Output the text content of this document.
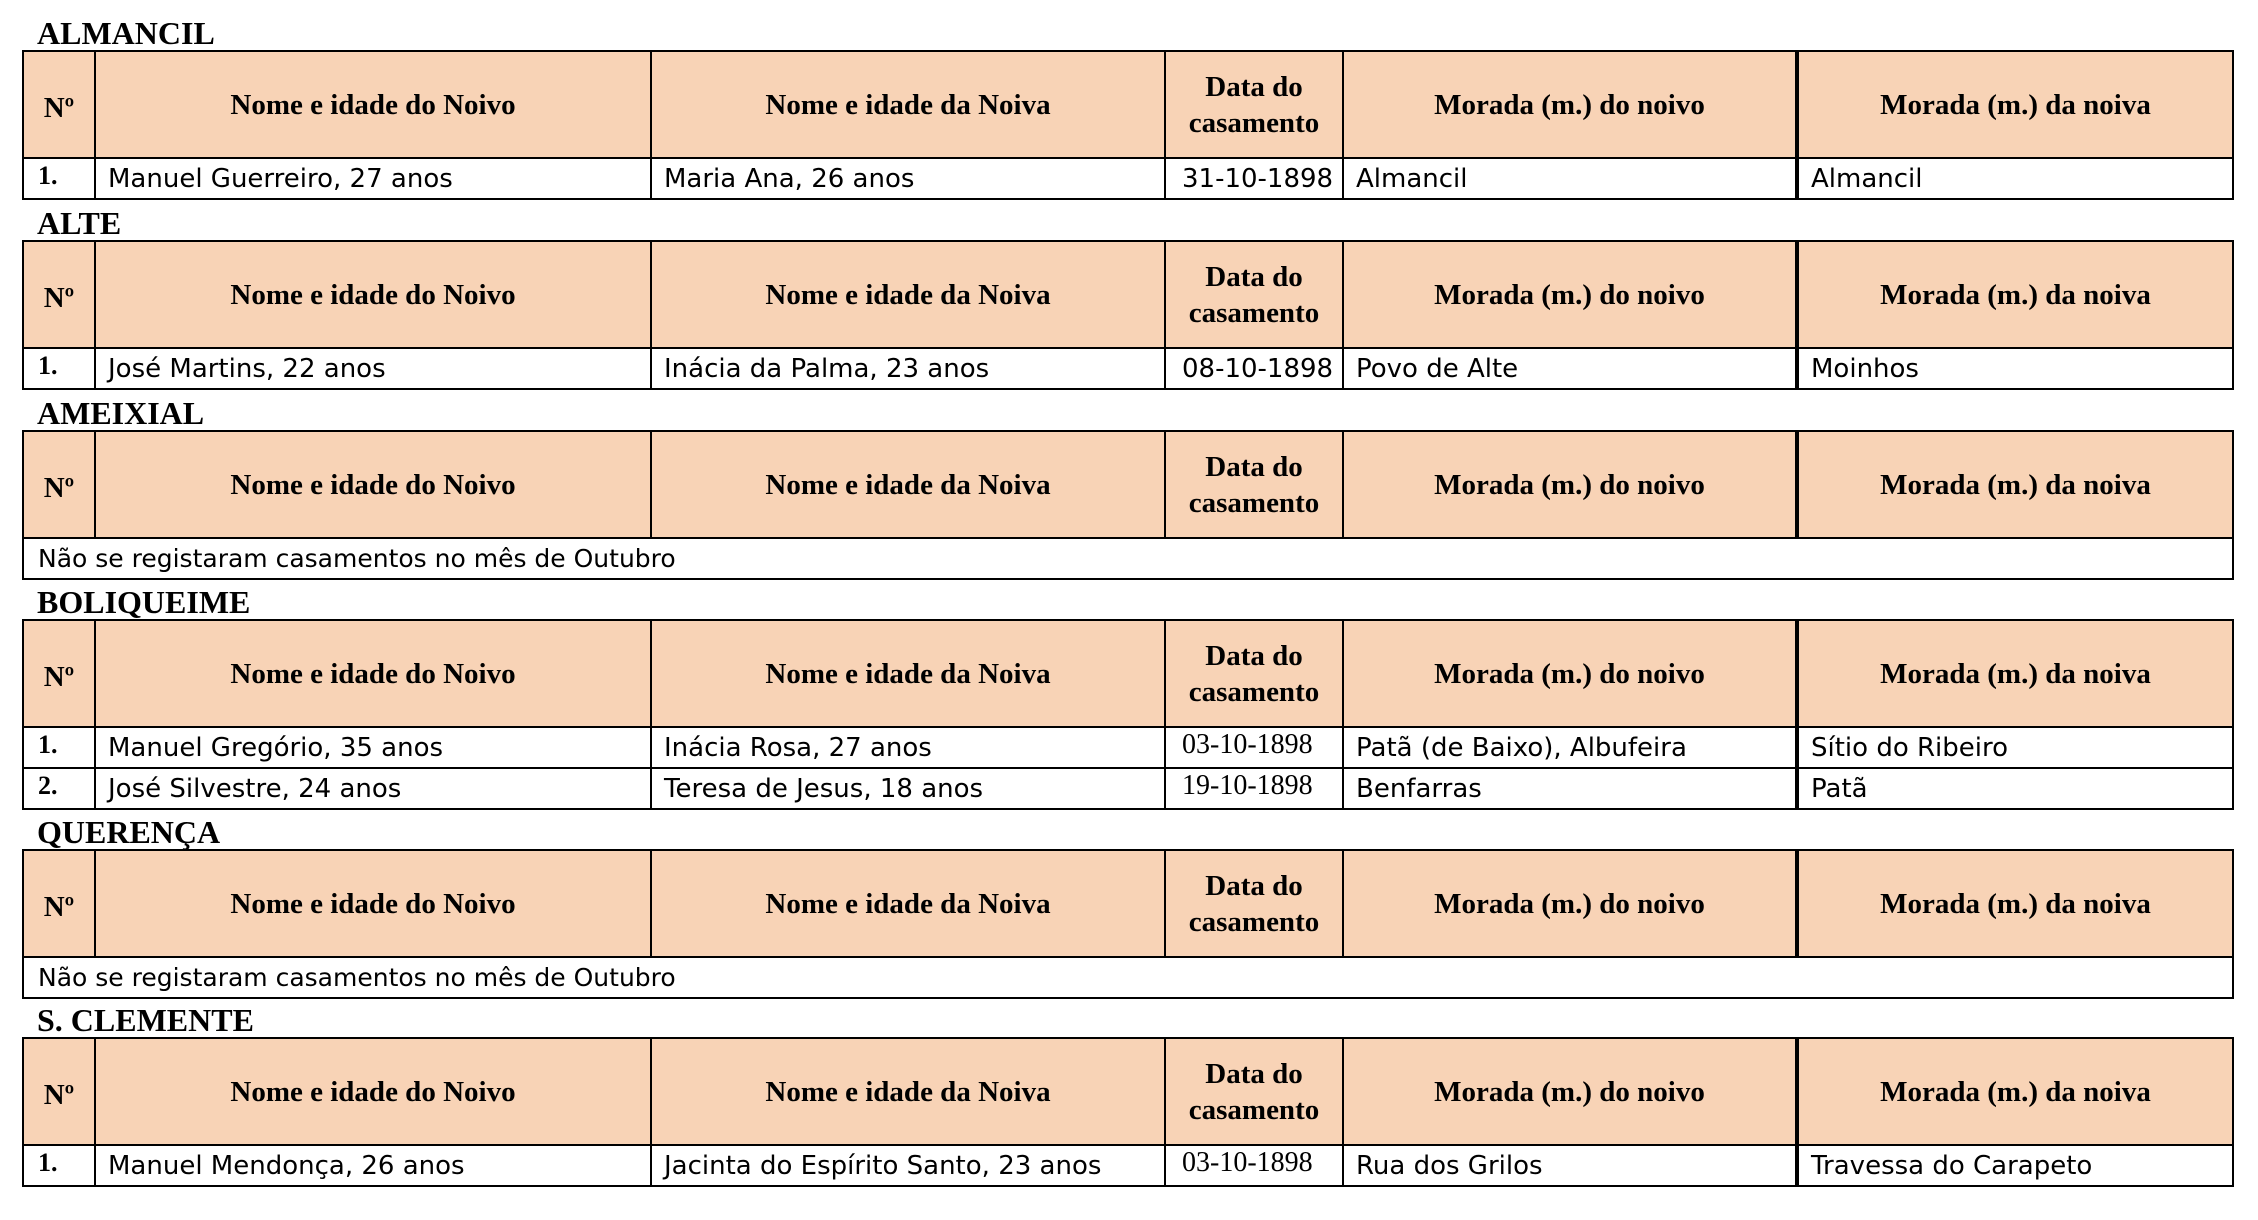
ALMANCIL
Nº	Nome e idade do Noivo	Nome e idade da Noiva	Data do
casamento	Morada (m.) do noivo	Morada (m.) da noiva
1.	Manuel Guerreiro, 27 anos	Maria Ana, 26 anos	31-10-1898	Almancil	Almancil
ALTE
Nº	Nome e idade do Noivo	Nome e idade da Noiva	Data do
casamento	Morada (m.) do noivo	Morada (m.) da noiva
1.	José Martins, 22 anos	Inácia da Palma, 23 anos	08-10-1898	Povo de Alte	Moinhos
AMEIXIAL
Nº	Nome e idade do Noivo	Nome e idade da Noiva	Data do
casamento	Morada (m.) do noivo	Morada (m.) da noiva
Não se registaram casamentos no mês de Outubro
BOLIQUEIME
Nº	Nome e idade do Noivo	Nome e idade da Noiva	Data do
casamento	Morada (m.) do noivo	Morada (m.) da noiva
1.	Manuel Gregório, 35 anos	Inácia Rosa, 27 anos	03-10-1898	Patã (de Baixo), Albufeira	Sítio do Ribeiro
2.	José Silvestre, 24 anos	Teresa de Jesus, 18 anos	19-10-1898	Benfarras	Patã
QUERENÇA
Nº	Nome e idade do Noivo	Nome e idade da Noiva	Data do
casamento	Morada (m.) do noivo	Morada (m.) da noiva
Não se registaram casamentos no mês de Outubro
S. CLEMENTE
Nº	Nome e idade do Noivo	Nome e idade da Noiva	Data do
casamento	Morada (m.) do noivo	Morada (m.) da noiva
1.	Manuel Mendonça, 26 anos	Jacinta do Espírito Santo, 23 anos	03-10-1898	Rua dos Grilos	Travessa do Carapeto
